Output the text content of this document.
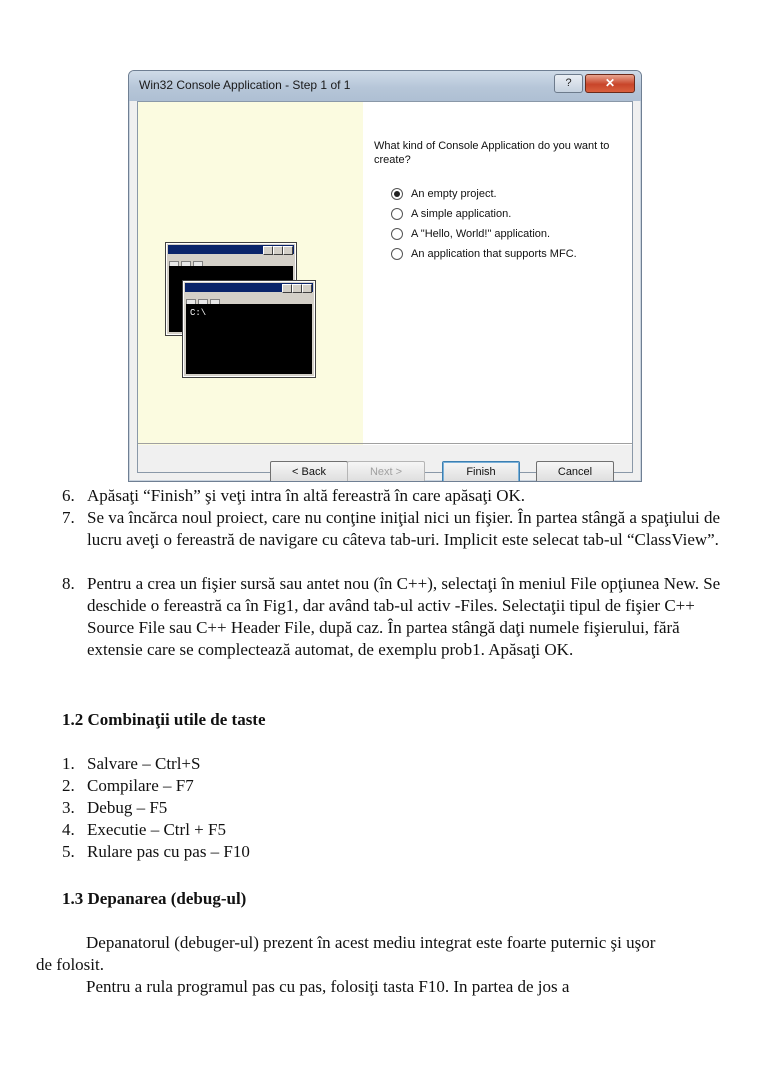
Win32 Console Application - Step 1 of 1	?	✕
C:\
What kind of Console Application do you want to create?
An empty project.
A simple application.
A "Hello, World!" application.
An application that supports MFC.
< Back	Next >	Finish	Cancel
6. Apăsaţi “Finish” şi veţi intra în altă fereastră în care apăsaţi OK.
7. Se va încărca noul proiect, care nu conţine iniţial nici un fişier. În partea stângă a spaţiului de lucru aveţi o fereastră de navigare cu câteva tab-uri. Implicit este selecat tab-ul “ClassView”.
8. Pentru a crea un fişier sursă sau antet nou (în C++), selectaţi în meniul File opţiunea New. Se deschide o fereastră ca în Fig1, dar având tab-ul activ -Files. Selectaţii tipul de fişier C++ Source File sau C++ Header File, după caz. În partea stângă daţi numele fişierului, fără extensie care se complectează automat, de exemplu prob1. Apăsaţi OK.
1.2 Combinaţii utile de taste
1. Salvare – Ctrl+S
2. Compilare – F7
3. Debug – F5
4. Executie – Ctrl + F5
5. Rulare pas cu pas – F10
1.3 Depanarea (debug-ul)
Depanatorul (debuger-ul) prezent în acest mediu integrat este foarte puternic şi uşor
de folosit.
Pentru a rula programul pas cu pas, folosiţi tasta F10. In partea de jos a
